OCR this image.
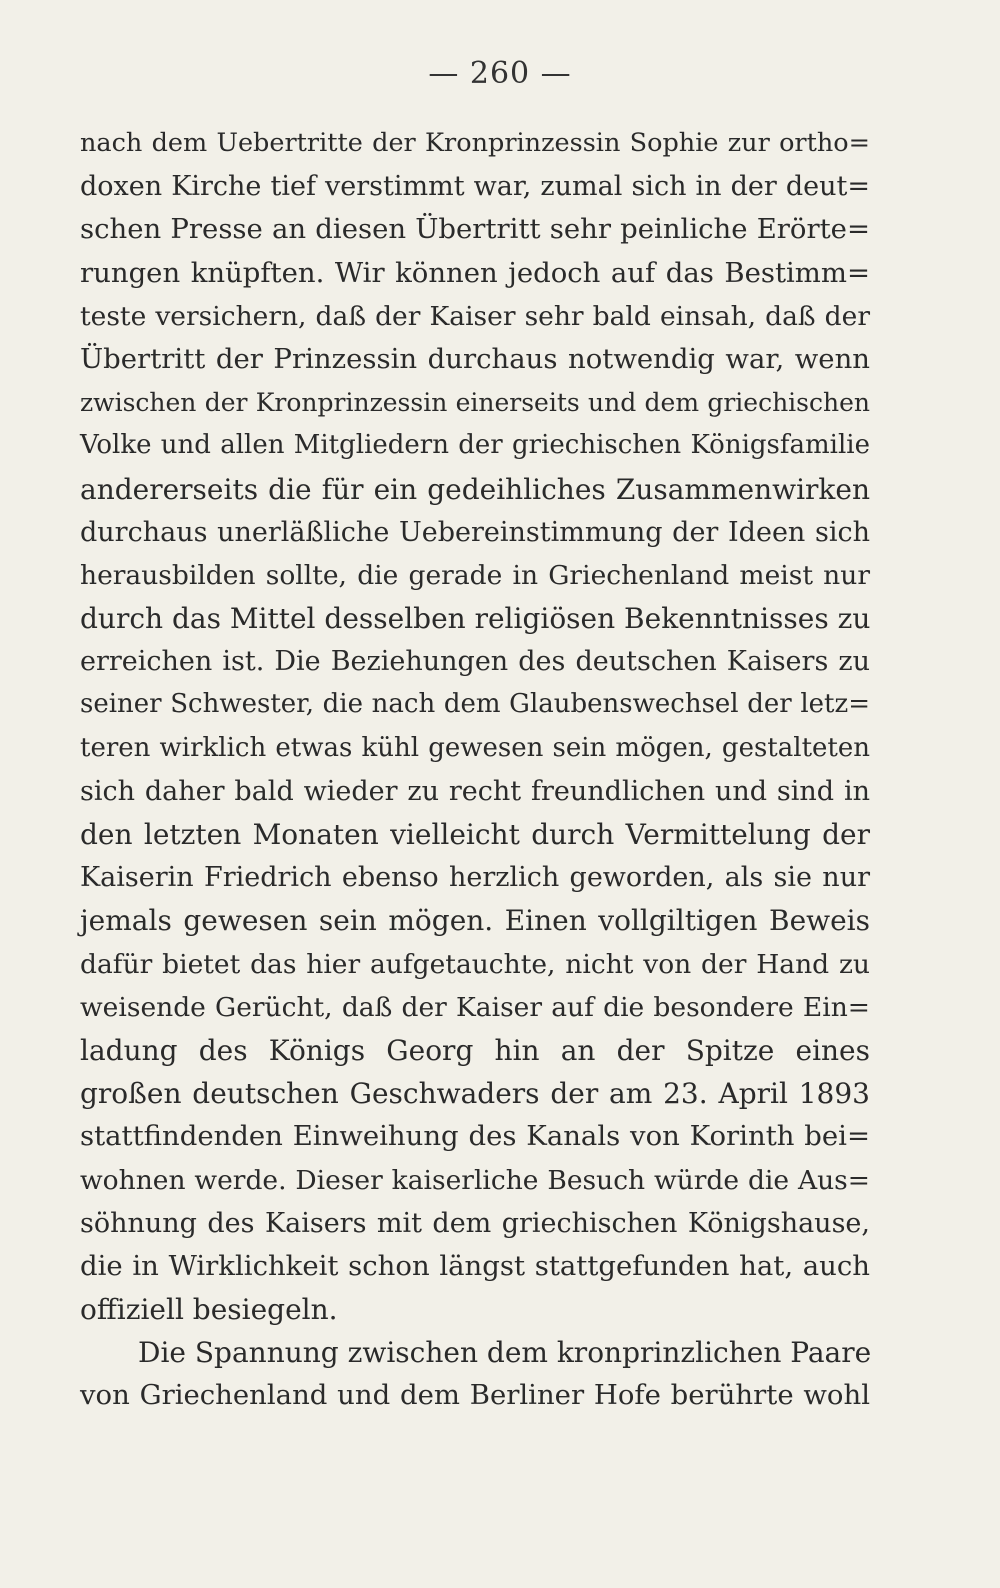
— 260 —
nach dem Uebertritte der Kronprinzessin Sophie zur ortho=
doxen Kirche tief verstimmt war, zumal sich in der deut=
schen Presse an diesen Übertritt sehr peinliche Erörte=
rungen knüpften. Wir können jedoch auf das Bestimm=
teste versichern, daß der Kaiser sehr bald einsah, daß der
Übertritt der Prinzessin durchaus notwendig war, wenn
zwischen der Kronprinzessin einerseits und dem griechischen
Volke und allen Mitgliedern der griechischen Königsfamilie
andererseits die für ein gedeihliches Zusammenwirken
durchaus unerläßliche Uebereinstimmung der Ideen sich
herausbilden sollte, die gerade in Griechenland meist nur
durch das Mittel desselben religiösen Bekenntnisses zu
erreichen ist. Die Beziehungen des deutschen Kaisers zu
seiner Schwester, die nach dem Glaubenswechsel der letz=
teren wirklich etwas kühl gewesen sein mögen, gestalteten
sich daher bald wieder zu recht freundlichen und sind in
den letzten Monaten vielleicht durch Vermittelung der
Kaiserin Friedrich ebenso herzlich geworden, als sie nur
jemals gewesen sein mögen. Einen vollgiltigen Beweis
dafür bietet das hier aufgetauchte, nicht von der Hand zu
weisende Gerücht, daß der Kaiser auf die besondere Ein=
ladung des Königs Georg hin an der Spitze eines
großen deutschen Geschwaders der am 23. April 1893
stattfindenden Einweihung des Kanals von Korinth bei=
wohnen werde. Dieser kaiserliche Besuch würde die Aus=
söhnung des Kaisers mit dem griechischen Königshause,
die in Wirklichkeit schon längst stattgefunden hat, auch
offiziell besiegeln.
Die Spannung zwischen dem kronprinzlichen Paare
von Griechenland und dem Berliner Hofe berührte wohl
